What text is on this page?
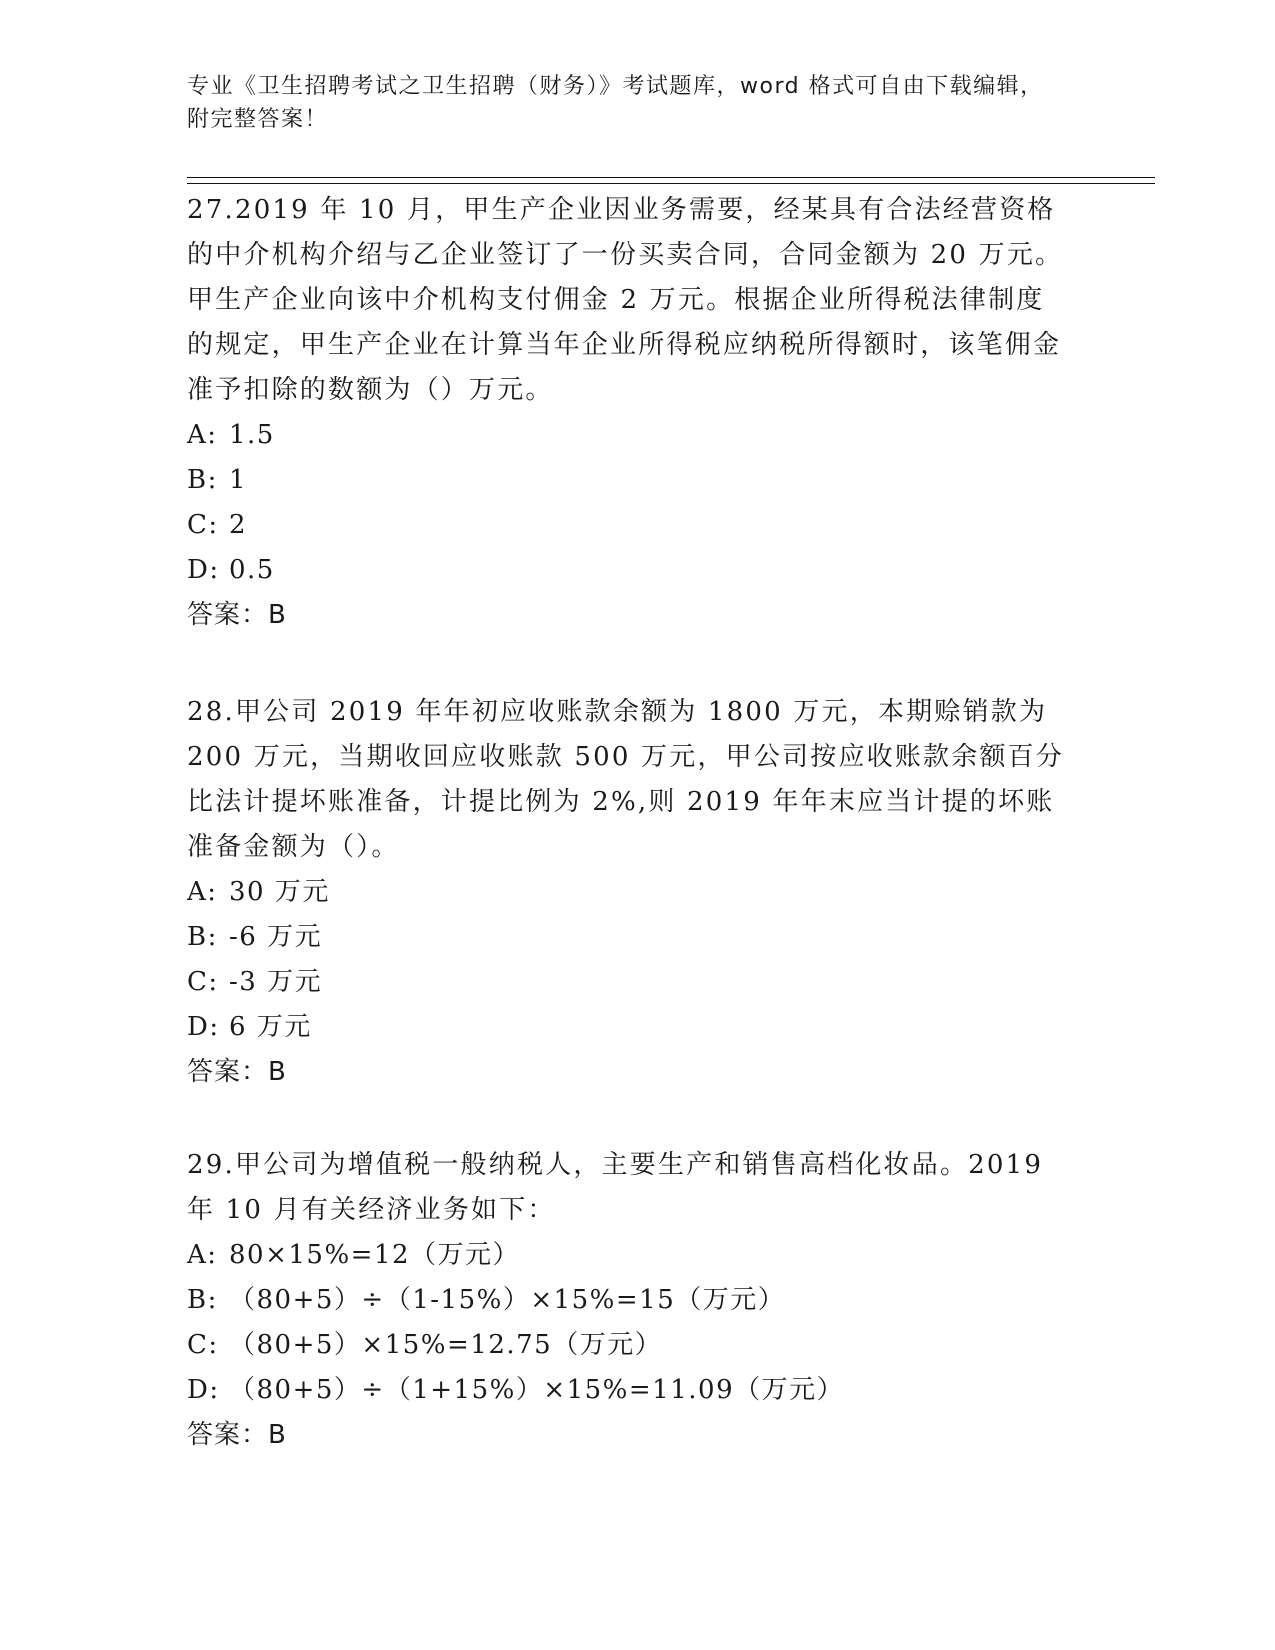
专业《卫生招聘考试之卫生招聘（财务）》考试题库，word 格式可自由下载编辑，附完整答案！

27.2019 年 10 月，甲生产企业因业务需要，经某具有合法经营资格的中介机构介绍与乙企业签订了一份买卖合同，合同金额为 20 万元。甲生产企业向该中介机构支付佣金 2 万元。根据企业所得税法律制度的规定，甲生产企业在计算当年企业所得税应纳税所得额时，该笔佣金准予扣除的数额为（）万元。

A: 1.5

B: 1

C: 2

D: 0.5

答案：B

28.甲公司 2019 年年初应收账款余额为 1800 万元，本期赊销款为 200 万元，当期收回应收账款 500 万元，甲公司按应收账款余额百分比法计提坏账准备，计提比例为 2%,则 2019 年年末应当计提的坏账准备金额为（）。

A: 30 万元

B: -6 万元

C: -3 万元

D: 6 万元

答案：B

29.甲公司为增值税一般纳税人，主要生产和销售高档化妆品。2019 年 10 月有关经济业务如下：

A: 80×15%=12（万元）

B: （80+5）÷（1-15%）×15%=15（万元）

C: （80+5）×15%=12.75（万元）

D: （80+5）÷（1+15%）×15%=11.09（万元）

答案：B
